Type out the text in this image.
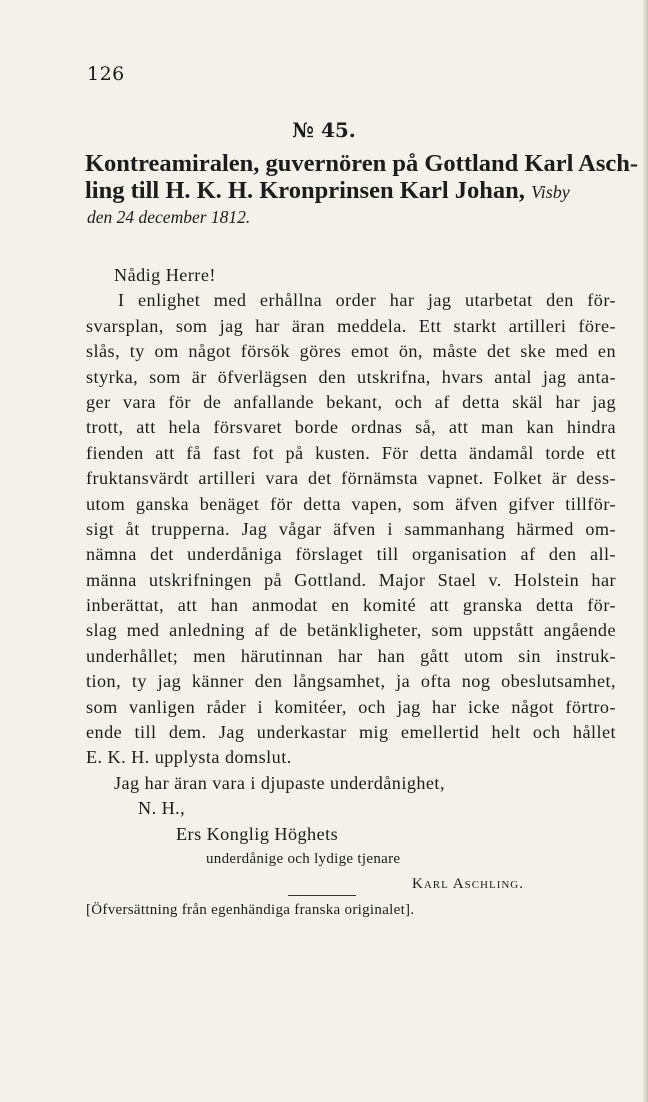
126
№ 45.
Kontreamiralen, guvernören på Gottland Karl Asch-
ling till H. K. H. Kronprinsen Karl Johan, Visby
den 24 december 1812.
Nådig Herre!
I enlighet med erhållna order har jag utarbetat den för-
svarsplan, som jag har äran meddela. Ett starkt artilleri före-
slås, ty om något försök göres emot ön, måste det ske med en
styrka, som är öfverlägsen den utskrifna, hvars antal jag anta-
ger vara för de anfallande bekant, och af detta skäl har jag
trott, att hela försvaret borde ordnas så, att man kan hindra
fienden att få fast fot på kusten. För detta ändamål torde ett
fruktansvärdt artilleri vara det förnämsta vapnet. Folket är dess-
utom ganska benäget för detta vapen, som äfven gifver tillför-
sigt åt trupperna. Jag vågar äfven i sammanhang härmed om-
nämna det underdåniga förslaget till organisation af den all-
männa utskrifningen på Gottland. Major Stael v. Holstein har
inberättat, att han anmodat en komité att granska detta för-
slag med anledning af de betänkligheter, som uppstått angående
underhållet; men härutinnan har han gått utom sin instruk-
tion, ty jag känner den långsamhet, ja ofta nog obeslutsamhet,
som vanligen råder i komitéer, och jag har icke något förtro-
ende till dem. Jag underkastar mig emellertid helt och hållet
E. K. H. upplysta domslut.
Jag har äran vara i djupaste underdånighet,
N. H.,
Ers Konglig Höghets
underdånige och lydige tjenare
Karl Aschling.
[Öfversättning från egenhändiga franska originalet].
